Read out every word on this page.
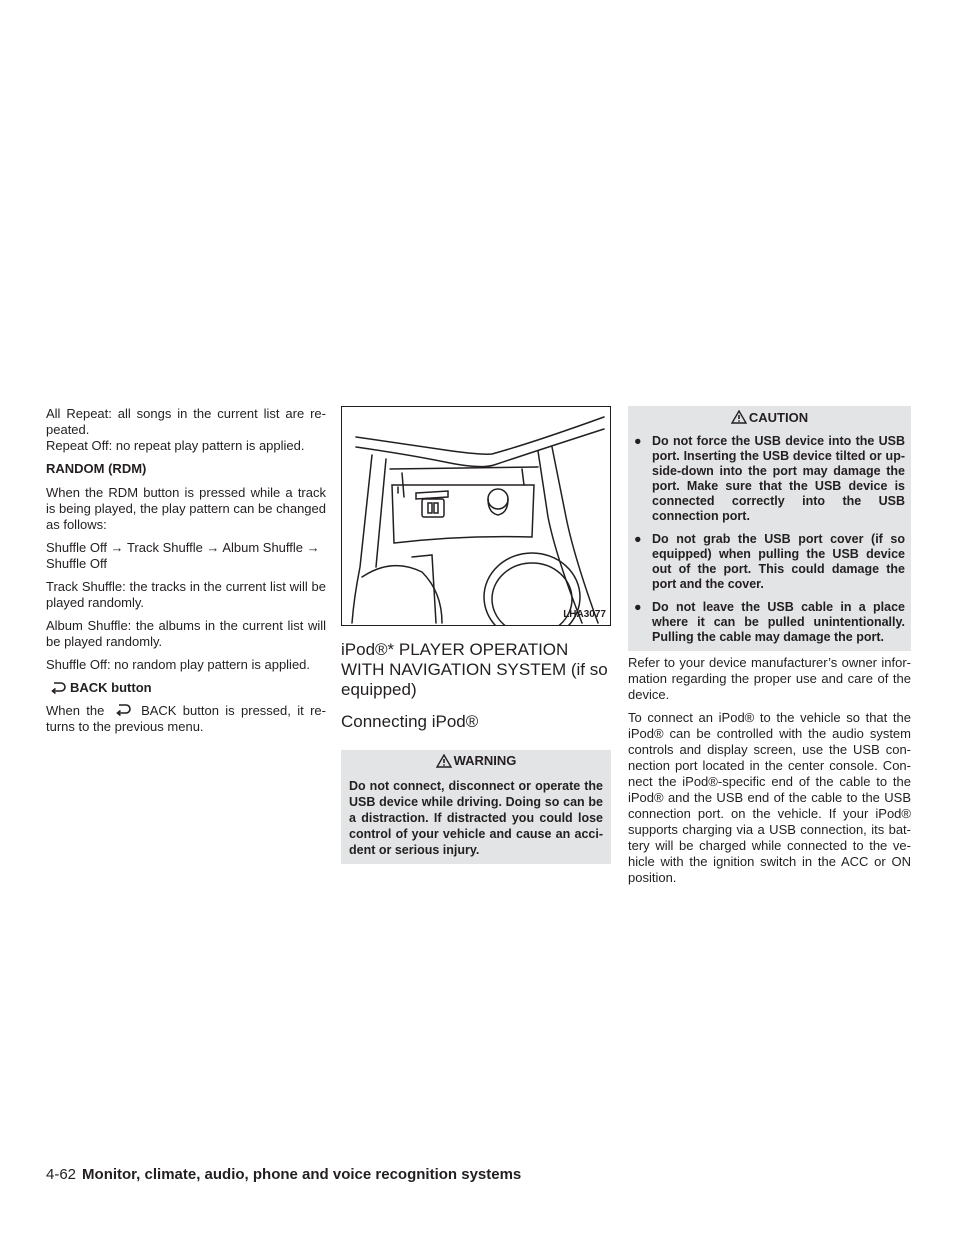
All Repeat: all songs in the current list are re-peated.

Repeat Off: no repeat play pattern is applied.

RANDOM (RDM)

When the RDM button is pressed while a track is being played, the play pattern can be changed as follows:

Shuffle Off → Track Shuffle → Album Shuffle → Shuffle Off

Track Shuffle: the tracks in the current list will be played randomly.

Album Shuffle: the albums in the current list will be played randomly.

Shuffle Off: no random play pattern is applied.

BACK button

When the	BACK button is pressed, it re-turns to the previous menu.

LHA3077

iPod®* PLAYER OPERATION WITH NAVIGATION SYSTEM (if so equipped)

Connecting iPod®

WARNING
Do not connect, disconnect or operate the USB device while driving. Doing so can be a distraction. If distracted you could lose control of your vehicle and cause an acci-dent or serious injury.
CAUTION
● Do not force the USB device into the USB port. Inserting the USB device tilted or up-side-down into the port may damage the port. Make sure that the USB device is connected correctly into the USB connection port.
● Do not grab the USB port cover (if so equipped) when pulling the USB device out of the port. This could damage the port and the cover.
● Do not leave the USB cable in a place where it can be pulled unintentionally. Pulling the cable may damage the port.

Refer to your device manufacturer’s owner infor-mation regarding the proper use and care of the device.

To connect an iPod® to the vehicle so that the iPod® can be controlled with the audio system controls and display screen, use the USB con-nection port located in the center console. Con-nect the iPod®-specific end of the cable to the iPod® and the USB end of the cable to the USB connection port. on the vehicle. If your iPod® supports charging via a USB connection, its bat-tery will be charged while connected to the ve-hicle with the ignition switch in the ACC or ON position.

4-62 Monitor, climate, audio, phone and voice recognition systems
